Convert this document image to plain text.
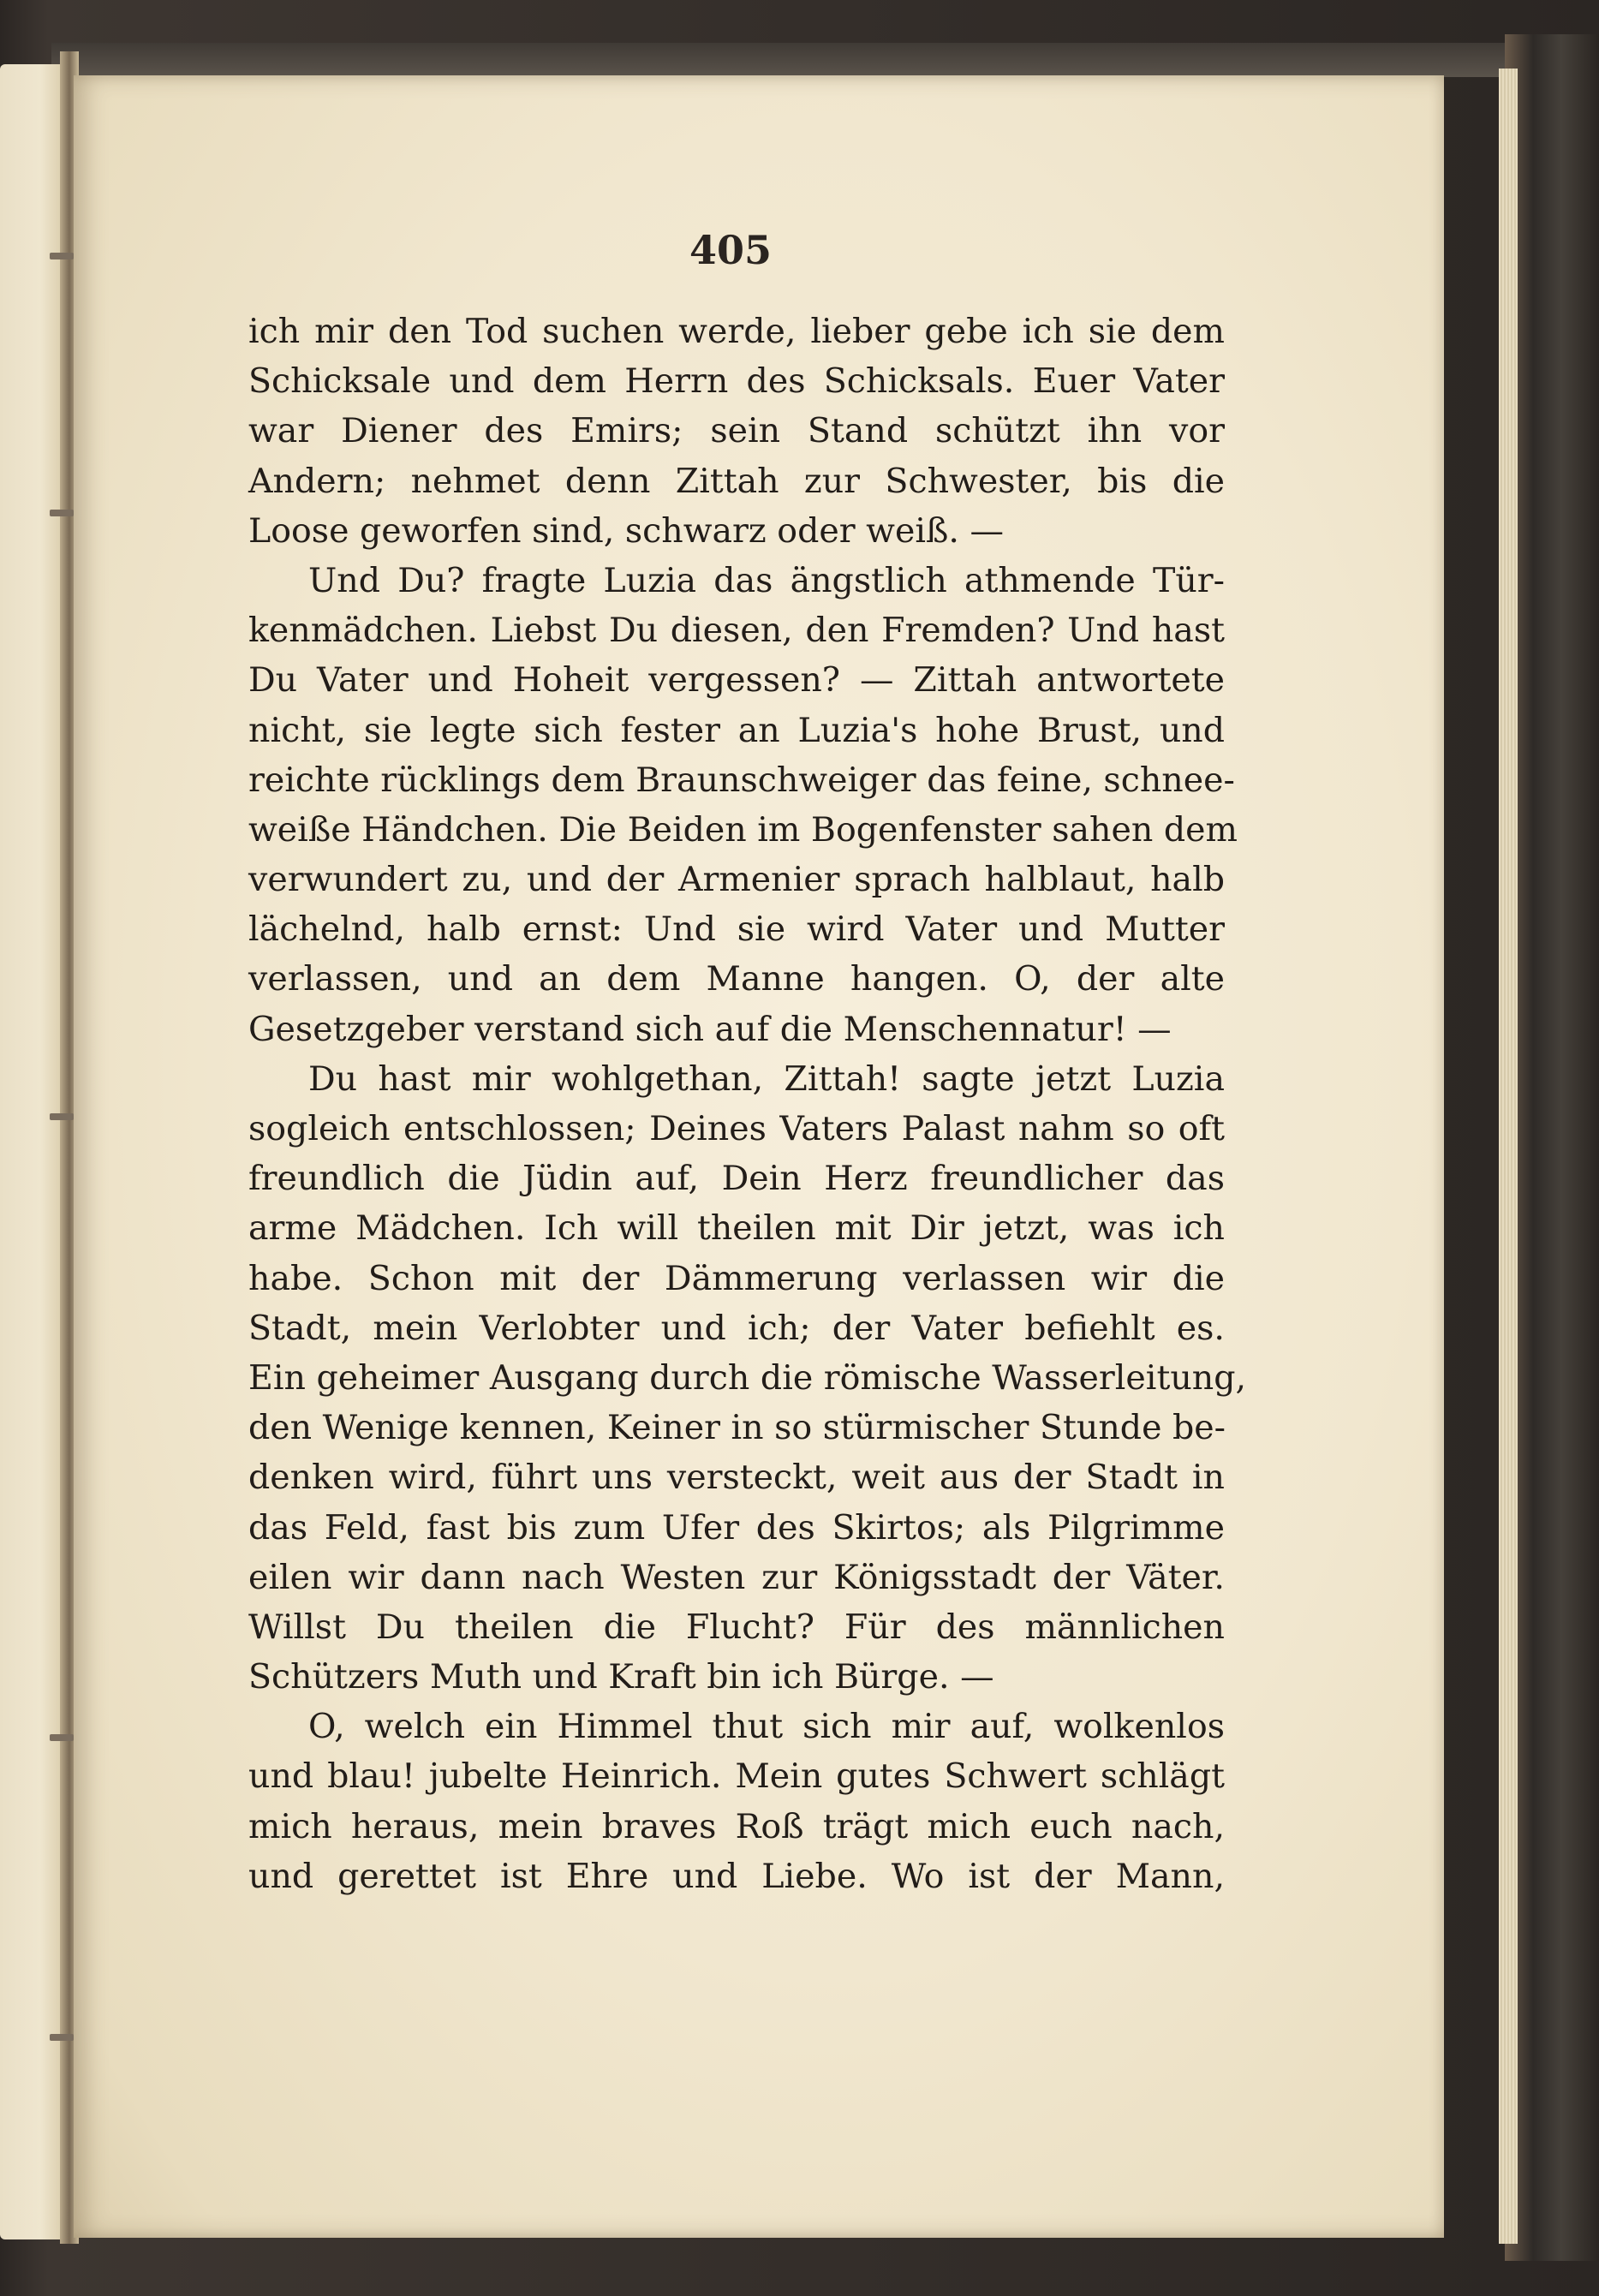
405
ich mir den Tod suchen werde, lieber gebe ich sie dem
Schicksale und dem Herrn des Schicksals. Euer Vater
war Diener des Emirs; sein Stand schützt ihn vor
Andern; nehmet denn Zittah zur Schwester, bis die
Loose geworfen sind, schwarz oder weiß. —
Und Du? fragte Luzia das ängstlich athmende Tür-
kenmädchen. Liebst Du diesen, den Fremden? Und hast
Du Vater und Hoheit vergessen? — Zittah antwortete
nicht, sie legte sich fester an Luzia's hohe Brust, und
reichte rücklings dem Braunschweiger das feine, schnee-
weiße Händchen. Die Beiden im Bogenfenster sahen dem
verwundert zu, und der Armenier sprach halblaut, halb
lächelnd, halb ernst: Und sie wird Vater und Mutter
verlassen, und an dem Manne hangen. O, der alte
Gesetzgeber verstand sich auf die Menschennatur! —
Du hast mir wohlgethan, Zittah! sagte jetzt Luzia
sogleich entschlossen; Deines Vaters Palast nahm so oft
freundlich die Jüdin auf, Dein Herz freundlicher das
arme Mädchen. Ich will theilen mit Dir jetzt, was ich
habe. Schon mit der Dämmerung verlassen wir die
Stadt, mein Verlobter und ich; der Vater befiehlt es.
Ein geheimer Ausgang durch die römische Wasserleitung,
den Wenige kennen, Keiner in so stürmischer Stunde be-
denken wird, führt uns versteckt, weit aus der Stadt in
das Feld, fast bis zum Ufer des Skirtos; als Pilgrimme
eilen wir dann nach Westen zur Königsstadt der Väter.
Willst Du theilen die Flucht? Für des männlichen
Schützers Muth und Kraft bin ich Bürge. —
O, welch ein Himmel thut sich mir auf, wolkenlos
und blau! jubelte Heinrich. Mein gutes Schwert schlägt
mich heraus, mein braves Roß trägt mich euch nach,
und gerettet ist Ehre und Liebe. Wo ist der Mann,
